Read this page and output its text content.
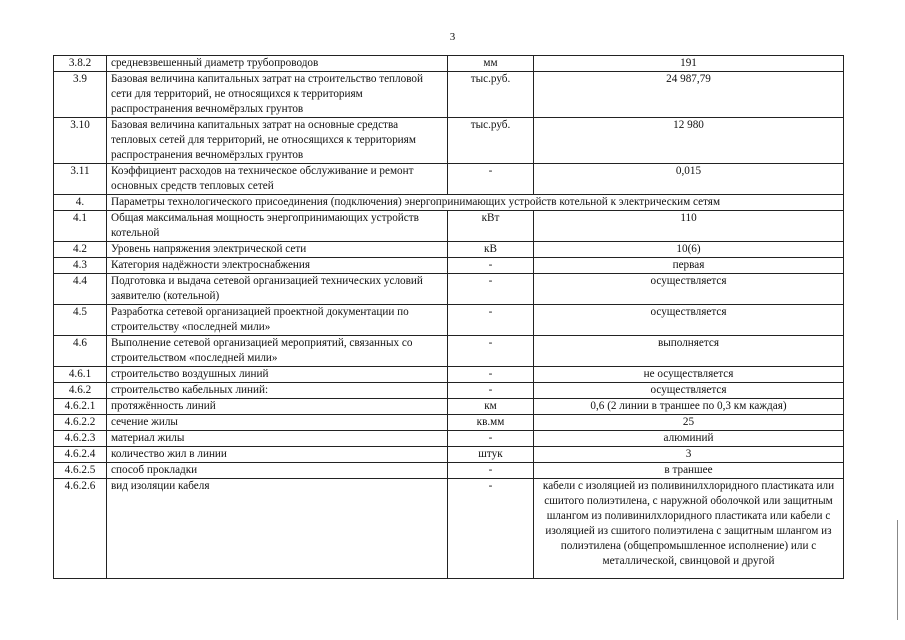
3
3.8.2	средневзвешенный диаметр трубопроводов	мм	191
3.9	Базовая величина капитальных затрат на строительство тепловой сети для территорий, не относящихся к территориям распространения вечномёрзлых грунтов	тыс.руб.	24 987,79
3.10	Базовая величина капитальных затрат на основные средства тепловых сетей для территорий, не относящихся к территориям распространения вечномёрзлых грунтов	тыс.руб.	12 980
3.11	Коэффициент расходов на техническое обслуживание и ремонт основных средств тепловых сетей	-	0,015
4.	Параметры технологического присоединения (подключения) энергопринимающих устройств котельной к электрическим сетям		
4.1	Общая максимальная мощность энергопринимающих устройств котельной	кВт	110
4.2	Уровень напряжения электрической сети	кВ	10(6)
4.3	Категория надёжности электроснабжения	-	первая
4.4	Подготовка и выдача сетевой организацией технических условий заявителю (котельной)	-	осуществляется
4.5	Разработка сетевой организацией проектной документации по строительству «последней мили»	-	осуществляется
4.6	Выполнение сетевой организацией мероприятий, связанных со строительством «последней мили»	-	выполняется
4.6.1	строительство воздушных линий	-	не осуществляется
4.6.2	строительство кабельных линий:	-	осуществляется
4.6.2.1	протяжённость линий	км	0,6 (2 линии в траншее по 0,3 км каждая)
4.6.2.2	сечение жилы	кв.мм	25
4.6.2.3	материал жилы	-	алюминий
4.6.2.4	количество жил в линии	штук	3
4.6.2.5	способ прокладки	-	в траншее
4.6.2.6	вид изоляции кабеля	-	кабели с изоляцией из поливинилхлоридного пластиката или сшитого полиэтилена, с наружной оболочкой или защитным шлангом из поливинилхлоридного пластиката или кабели с изоляцией из сшитого полиэтилена с защитным шлангом из полиэтилена (общепромышленное исполнение) или с металлической, свинцовой и другой
